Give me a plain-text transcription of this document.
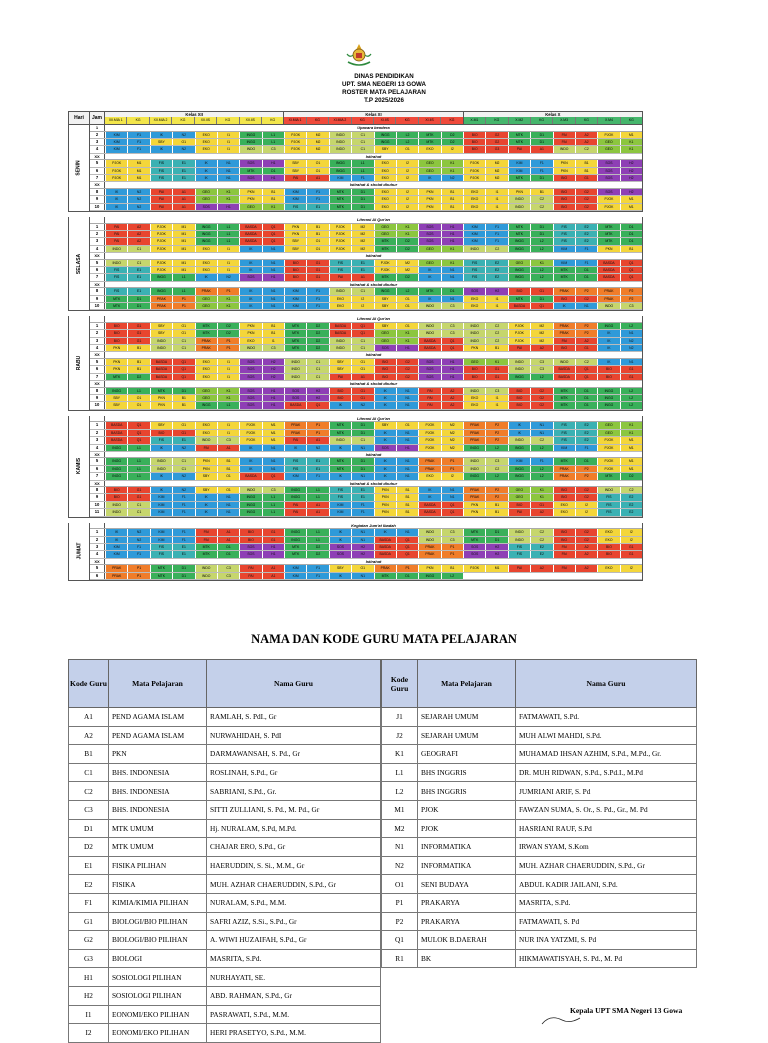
DINAS PENDIDIKAN
UPT. SMA NEGERI 13 GOWA
ROSTER MATA PELAJARAN
T.P 2025/2026
Hari	Jam
Kelas XII
XII.MIA 1	KG	XII.MIA 2	KG	XII.IIS	KG	XII.IIS	KG
Kelas XI
XI.MIA 1	KG	XI.MIA 2	KG	XI.IIS	KG	XI.IIS	KG
Kelas X
X.M1	KG	X.M2	KG	X.M3	KG	X.M4	KG
SENIN
1	Upacara bendera
2	KIM	F1	IK	N2	EKO	I1	INGG	L1	PJOK	M2	INDO	C1	INGG	L2	MTK	D2	BIO	G2	MTK	D1	PAI	A2	PJOK	M1
3	KIM	F1	SBY	O1	EKO	I1	INGG	L1	PJOK	M2	INDO	C1	INGG	L2	MTK	D2	BIO	G2	MTK	D1	PAI	A2	GEO	K1
4	KIM	F1	IK	N2	EKO	I1	INDO	C3	PJOK	M2	INDO	C1	SBY	O1	EKO	I2	BIO	G3	PAI	A1	INDO	C2	GEO	K1
XX	Istirahat
5	PJOK	M1	FIS	E1	IK	N1	SOS	H1	SBY	O1	INGG	L1	EKO	I2	GEO	K1	PJOK	M2	KIM	F1	PKN	B1	SOS	H2
6	PJOK	M1	FIS	E1	IK	N1	MTK	D1	SBY	O1	INGG	L1	EKO	I2	GEO	K1	PJOK	M2	KIM	F1	PKN	B1	SOS	H2
7	PJOK	M1	FIS	E1	IK	N1	SOS	H1	PAI	A1	KIM	F1	EKO	I2	IK	N2	PJOK	M2	MTK	D1	BIO	G1	SOS	H2
XX	Istirahat & sholat dhuhur
8	IK	N2	PAI	A1	GEO	K1	PKN	B1	KIM	F1	MTK	D1	EKO	I2	PKN	B1	EKO	I1	PKN	B1	BIO	G2	SOS	H2
9	IK	N2	PAI	A1	GEO	K1	PKN	B1	KIM	F1	MTK	D1	EKO	I2	PKN	B1	EKO	I1	INDO	C2	BIO	G2	PJOK	M1
10	IK	N2	PAI	A1	SOS	H1	GEO	K1	FIS	E1	MTK	D1	EKO	I2	PKN	B1	EKO	I1	INDO	C2	BIO	G2	PJOK	M1
SELASA
Literasi Al Qur'an
1	PAI	A2	PJOK	M1	INGG	L1	BASDA	Q1	PKN	B1	PJOK	M2	GEO	K1	SOS	H1	KIM	F1	MTK	D1	FIS	E2	MTK	D1
2	PAI	A2	PJOK	M1	INGG	L1	BASDA	Q1	PKN	B1	PJOK	M2	GEO	K1	SOS	H1	KIM	F1	MTK	D1	FIS	E2	MTK	D1
3	PAI	A2	PJOK	M1	INGG	L1	BASDA	Q1	SBY	O1	PJOK	M2	MTK	D2	SOS	H1	KIM	F1	INGG	L2	FIS	E2	MTK	D1
4	INDO	C1	PJOK	M1	EKO	I1	IK	N1	SBY	O1	PJOK	M2	MTK	D2	GEO	K1	INDO	C2	INGG	L2	KIM	F1	PKN	B1
XX	Istirahat
5	INDO	C1	PJOK	M1	EKO	I1	IK	N1	BIO	G1	FIS	E1	PJOK	M2	GEO	K1	FIS	E2	GEO	K1	KIM	F1	BASDA	Q1
6	FIS	E1	PJOK	M1	EKO	I1	IK	N1	BIO	G1	FIS	E1	PJOK	M2	IK	N1	FIS	E2	INGG	L2	MTK	D1	BASDA	Q1
7	FIS	E1	INGG	L1	IK	N2	SOS	H1	BIO	G1	PAI	A1	MTK	D2	IK	N1	FIS	E2	INGG	L2	MTK	D1	BASDA	Q1
XX	Istirahat & sholat dhuhur
8	FIS	E1	INGG	L1	PRAK	P1	IK	N1	KIM	F1	INDO	C1	INGG	L2	MTK	D1	SOS	H2	BIO	G1	PRAK	P2	PRAK	P2
9	MTK	D1	PRAK	P1	GEO	K1	IK	N1	KIM	F1	EKO	I2	SBY	O1	IK	N1	EKO	I1	MTK	D1	BIO	G2	PRAK	P2
10	MTK	D1	PRAK	P1	GEO	K1	IK	N1	KIM	F1	EKO	I2	SBY	O1	INDO	C3	EKO	I1	BASDA	Q1	IK	N1	INDO	C3
RABU
Literasi Al Qur'an
1	BIO	G1	SBY	O1	MTK	D2	PKN	B1	MTK	D2	BASDA	Q1	SBY	O1	INDO	C3	INDO	C2	PJOK	M2	PRAK	P2	INGG	L2
2	BIO	G1	SBY	O1	MTK	D2	PKN	B1	MTK	D2	BASDA	Q1	GEO	K1	INDO	C3	INDO	C2	PJOK	M2	PRAK	P2	IK	N1
3	BIO	G1	INDO	C1	PRAK	P1	EKO	I1	MTK	D2	INDO	C1	GEO	K1	BASDA	Q1	INDO	C2	PJOK	M2	PAI	A2	IK	N2
4	PKN	B1	INDO	C1	PRAK	P1	INDO	C3	MTK	D2	INDO	C1	SOS	H1	BASDA	Q1	PKN	B1	PAI	A2	BIO	G1	IK	N2
XX	Istirahat
5	PKN	B1	BASDA	Q1	EKO	I1	SOS	H2	INDO	C1	SBY	O1	BIO	G2	SOS	H1	GEO	K1	INDO	C3	INDO	C2	IK	N1
6	PKN	B1	BASDA	Q1	EKO	I1	SOS	H2	INDO	C1	SBY	O1	BIO	G2	SOS	H1	BIO	G1	INDO	C3	BASDA	Q1	BIO	G1
7	MTK	D2	BASDA	Q1	EKO	I1	SOS	H2	INDO	C1	PAI	A1	BIO	G2	SOS	H1	BIO	G1	INGG	L2	BASDA	Q1	BIO	G1
XX	Istirahat & sholat dhuhur
8	INGG	L1	MTK	D1	GEO	K1	SOS	H1	SOS	H2	BIO	G1	IK	N1	PAI	A2	INDO	C3	BIO	G2	MTK	D1	INGG	L2
9	SBY	O1	PKN	B1	GEO	K1	SOS	H1	SOS	H2	BIO	G1	IK	N1	PAI	A2	EKO	I1	BIO	G2	MTK	D1	INGG	L2
10	SBY	O1	PKN	B1	INGG	L1	SOS	H1	BASDA	Q1	IK	N2	IK	N1	PAI	A2	EKO	I1	BIO	G2	MTK	D1	INGG	L2
KAMIS
Literasi Al Qur'an
1	BASDA	Q1	SBY	O1	EKO	I1	PJOK	M1	PRAK	P1	MTK	D1	SBY	O1	PJOK	M2	PRAK	P2	IK	N1	FIS	E2	GEO	K1
2	BASDA	Q1	BIO	G1	EKO	I1	PJOK	M1	PRAK	P1	MTK	D1	IK	N1	PJOK	M2	PRAK	P2	IK	N1	FIS	E2	GEO	K1
3	BASDA	Q1	FIS	E1	INDO	C3	PJOK	M1	PAI	A1	INDO	C1	IK	N1	PJOK	M2	PRAK	P2	INDO	C2	FIS	E2	PJOK	M1
4	INGG	L1	IK	N2	PAI	A1	IK	N1	IK	N2	IK	N1	SOS	H1	PJOK	M2	INGG	L2	INGG	L2	KIM	F1	PJOK	M1
XX	Istirahat
5	INGG	L1	INDO	C1	PKN	B1	IK	N1	FIS	E1	MTK	D1	IK	N1	PRAK	P1	INDO	C3	KIM	F1	MTK	D1	PJOK	M1
6	INGG	L1	INDO	C1	PKN	B1	IK	N1	FIS	E1	MTK	D1	IK	N1	PRAK	P1	INDO	C2	INGG	L2	PRAK	P2	PJOK	M1
7	INGG	L1	IK	N2	SBY	O1	BASDA	Q1	KIM	F1	IK	N1	IK	N1	EKO	I2	INGG	L2	INGG	L2	PRAK	P2	MTK	D2
XX	Istirahat & sholat dhuhur
8	BIO	G1	IK	N2	SBY	O1	INDO	C3	INGG	L1	FIS	E1	PKN	B1	IK	N1	PRAK	P2	GEO	K1	BIO	G2	INDO	C2
9	BIO	G1	KIM	F1	IK	N1	INGG	L1	INGG	L1	FIS	E1	PKN	B1	IK	N1	PRAK	P2	GEO	K1	BIO	G2	FIS	E2
10	INDO	C1	KIM	F1	IK	N1	INGG	L1	PAI	A1	KIM	F1	PKN	B1	BASDA	Q1	PKN	B1	BIO	G1	EKO	I2	FIS	E2
11	INDO	C1	KIM	F1	IK	N1	INGG	L1	PAI	A1	KIM	F1	PKN	B1	BASDA	Q1	PKN	B1	PAI	A2	EKO	I2	FIS	E2
JUMAT
Kegiatan Jum'at Ibadah
1	IK	N2	KIM	F1	PAI	A1	BIO	G1	INGG	L1	IK	N1	IK	N1	INDO	C3	MTK	D1	INDO	C2	BIO	G2	EKO	I2
2	IK	N2	KIM	F1	PAI	A1	BIO	G1	INGG	L1	IK	N1	BASDA	Q1	INDO	C3	MTK	D1	INDO	C2	BIO	G2	EKO	I2
3	KIM	F1	FIS	E1	MTK	D1	SOS	H1	MTK	D2	SOS	H2	BASDA	Q1	PRAK	P1	SOS	H2	FIS	E2	PAI	A2	BIO	G1
4	KIM	F1	FIS	E1	MTK	D1	SOS	H1	MTK	D2	SOS	H2	BASDA	Q1	PRAK	P1	SOS	H2	FIS	E2	PAI	A2	BIO	G1
XX	Istirahat
5	PRAK	P1	MTK	D1	INDO	C3	PAI	A1	KIM	F1	SBY	O1	PRAK	P1	PKN	B1	PJOK	M1	PAI	A2	PAI	A2	EKO	I2
6	PRAK	P1	MTK	D1	INDO	C3	PAI	A1	KIM	F1	IK	N1	MTK	D1	INGG	L2
NAMA DAN KODE GURU MATA PELAJARAN
Kode Guru	Mata Pelajaran	Nama Guru
A1	PEND AGAMA ISLAM	RAMLAH, S. PdI., Gr
A2	PEND AGAMA ISLAM	NURWAHIDAH, S. PdI
B1	PKN	DARMAWANSAH, S. Pd., Gr
C1	BHS. INDONESIA	ROSLINAH, S.Pd., Gr
C2	BHS. INDONESIA	SABRIANI, S.Pd., Gr.
C3	BHS. INDONESIA	SITTI ZULLIANI, S. Pd., M. Pd., Gr
D1	MTK UMUM	Hj. NURALAM, S.Pd, M.Pd.
D2	MTK UMUM	CHAJAR ERO, S.Pd., Gr
E1	FISIKA PILIHAN	HAERUDDIN, S. Si., M.M., Gr
E2	FISIKA	MUH. AZHAR CHAERUDDIN, S.Pd., Gr
F1	KIMIA/KIMIA PILIHAN	NURALAM, S.Pd., M.M.
G1	BIOLOGI/BIO PILIHAN	SAFRI AZIZ, S.Si., S.Pd., Gr
G2	BIOLOGI/BIO PILIHAN	A. WIWI HUZAIFAH, S.Pd., Gr
G3	BIOLOGI	MASRITA, S.Pd.
H1	SOSIOLOGI PILIHAN	NURHAYATI, SE.
H2	SOSIOLOGI PILIHAN	ABD. RAHMAN, S.Pd., Gr
I1	EONOMI/EKO PILIHAN	PASRAWATI, S.Pd., M.M.
I2	EONOMI/EKO PILIHAN	HERI PRASETYO, S.Pd., M.M.
Kode Guru	Mata Pelajaran	Nama Guru
J1	SEJARAH UMUM	FATMAWATI, S.Pd.
J2	SEJARAH UMUM	MUH ALWI MAHDI, S.Pd.
K1	GEOGRAFI	MUHAMAD IHSAN AZHIM, S.Pd., M.Pd., Gr.
L1	BHS INGGRIS	DR. MUH RIDWAN, S.Pd., S.Pd.I., M.Pd
L2	BHS INGGRIS	JUMRIANI ARIF, S. Pd
M1	PJOK	FAWZAN SUMA, S. Or., S. Pd., Gr., M. Pd
M2	PJOK	HASRIANI RAUF, S.Pd
N1	INFORMATIKA	IRWAN SYAM, S.Kom
N2	INFORMATIKA	MUH. AZHAR CHAERUDDIN, S.Pd., Gr
O1	SENI BUDAYA	ABDUL KADIR JAILANI, S.Pd.
P1	PRAKARYA	MASRITA, S.Pd.
P2	PRAKARYA	FATMAWATI, S. Pd
Q1	MULOK B.DAERAH	NUR INA YATZMI, S. Pd
R1	BK	HIKMAWATISYAH, S. Pd., M. Pd
Kepala UPT SMA Negeri 13 Gowa
